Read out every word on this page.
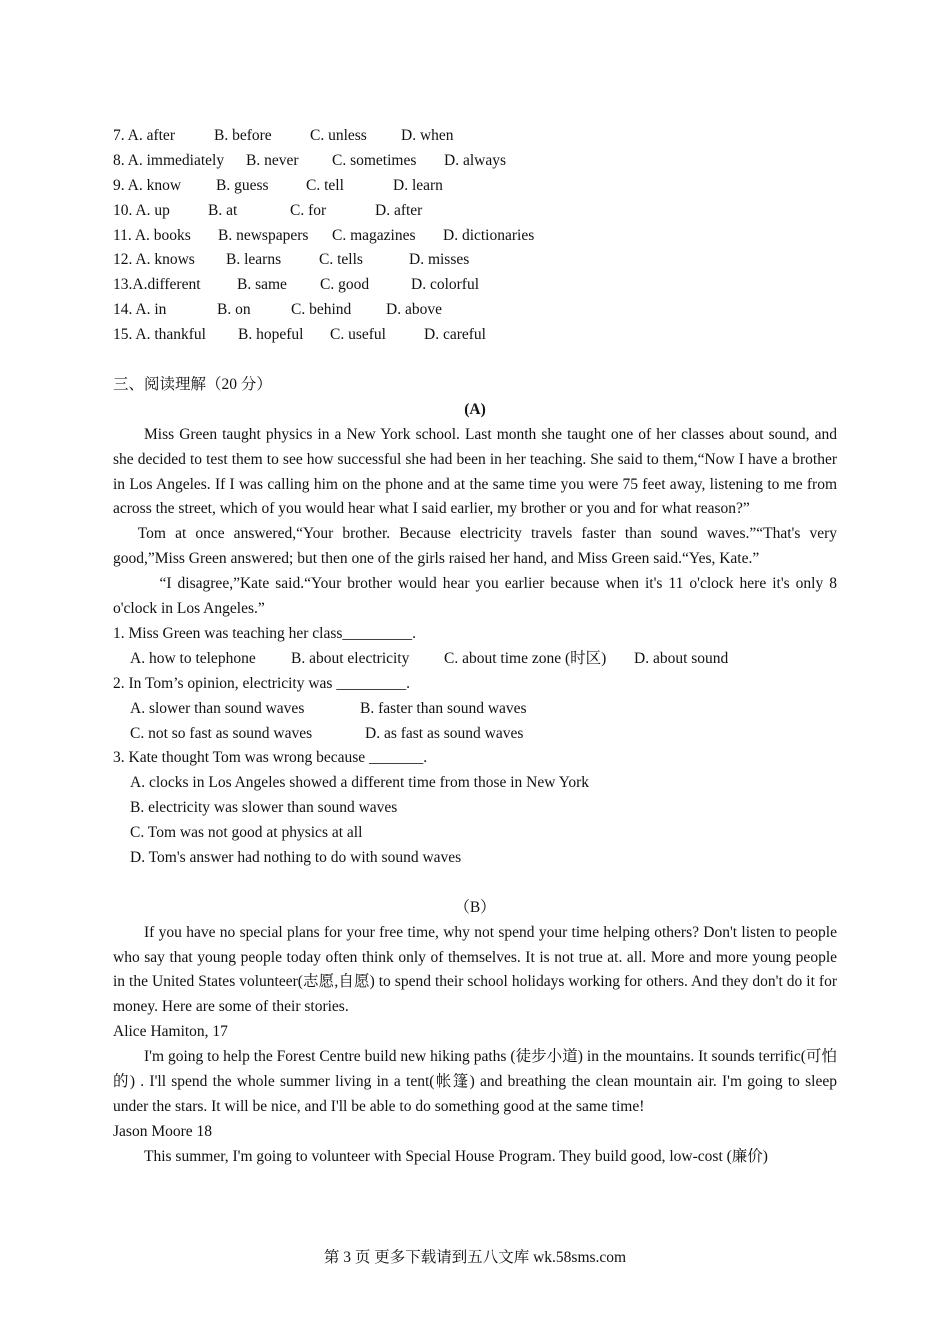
7. A. after	B. before C. unless D. when
8. A. immediately B. never C. sometimes D. always
9. A. know B. guess C. tell	D. learn
10. A. up B. at	C. for	D. after
11. A. books B. newspapers C. magazines D. dictionaries
12. A. knows B. learns C. tells	D. misses
13.A.different B. same C. good	D. colorful
14. A. in	B. on	C. behind D. above
15. A. thankful B. hopeful C. useful D. careful
三、阅读理解（20 分）
(A)
Miss Green taught physics in a New York school. Last month she taught one of her classes about sound, and she decided to test them to see how successful she had been in her teaching. She said to them,“Now I have a brother in Los Angeles. If I was calling him on the phone and at the same time you were 75 feet away, listening to me from across the street, which of you would hear what I said earlier, my brother or you and for what reason?”
Tom at once answered,“Your brother. Because electricity travels faster than sound waves.”“That's very good,”Miss Green answered; but then one of the girls raised her hand, and Miss Green said.“Yes, Kate.”
“I disagree,”Kate said.“Your brother would hear you earlier because when it's 11 o'clock here it's only 8 o'clock in Los Angeles.”
1. Miss Green was teaching her class_________.
A. how to telephone B. about electricity C. about time zone (时区) D. about sound
2. In Tom’s opinion, electricity was _________.
A. slower than sound waves	B. faster than sound waves
C. not so fast as sound waves	D. as fast as sound waves
3. Kate thought Tom was wrong because _______.
A. clocks in Los Angeles showed a different time from those in New York
B. electricity was slower than sound waves
C. Tom was not good at physics at all
D. Tom's answer had nothing to do with sound waves
（B）
If you have no special plans for your free time, why not spend your time helping others? Don't listen to people who say that young people today often think only of themselves. It is not true at. all. More and more young people in the United States volunteer(志愿,自愿) to spend their school holidays working for others. And they don't do it for money. Here are some of their stories.
Alice Hamiton, 17
I'm going to help the Forest Centre build new hiking paths (徒步小道) in the mountains. It sounds terrific(可怕的) . I'll spend the whole summer living in a tent(帐篷) and breathing the clean mountain air. I'm going to sleep under the stars. It will be nice, and I'll be able to do something good at the same time!
Jason Moore 18
This summer, I'm going to volunteer with Special House Program. They build good, low-cost (廉价)
第 3 页 更多下载请到五八文库 wk.58sms.com
